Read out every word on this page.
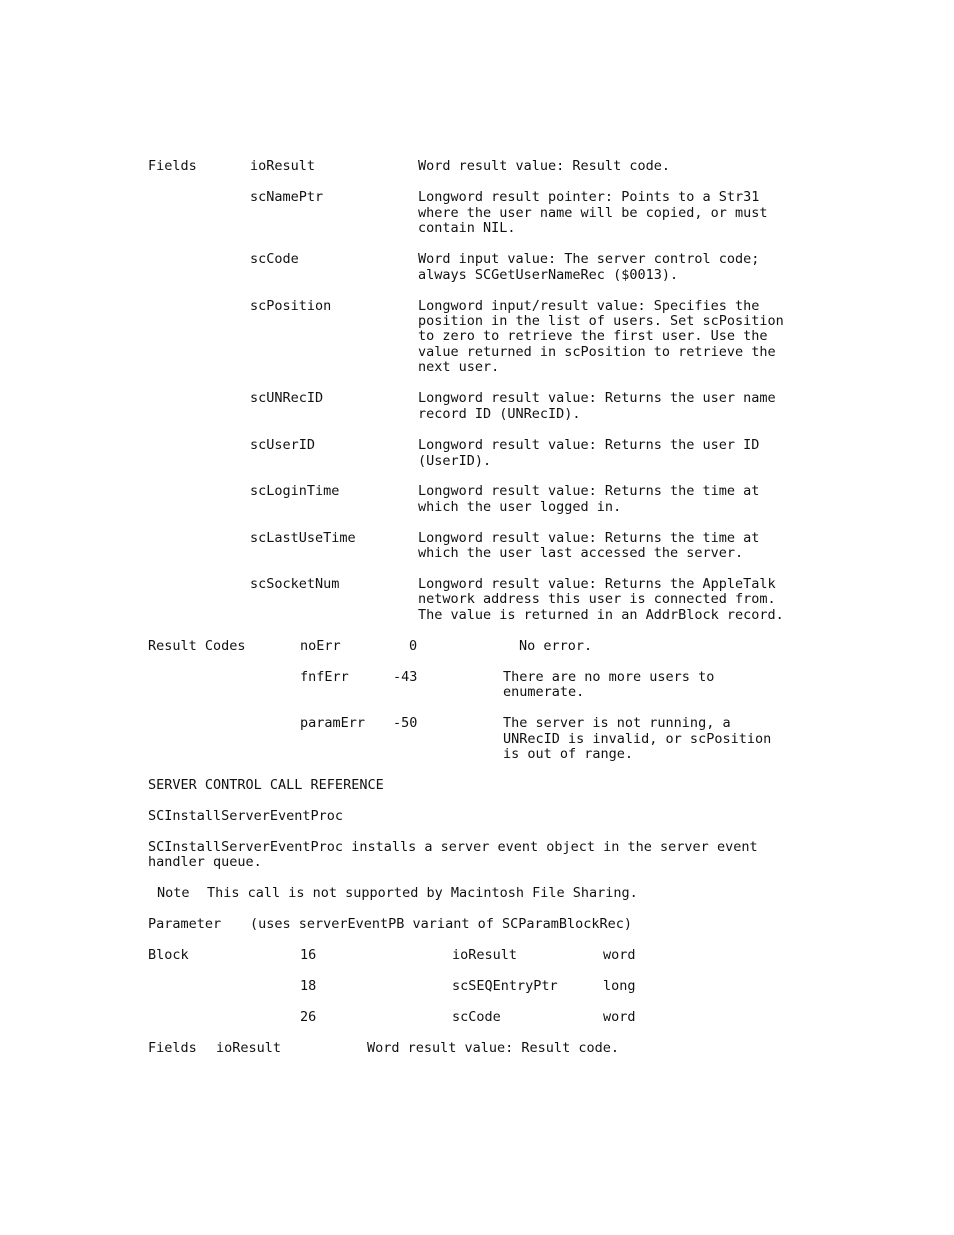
Fields	ioResult	Word result value: Result code.
scNamePtr	Longword result pointer: Points to a Str31
where the user name will be copied, or must
contain NIL.
scCode	Word input value: The server control code;
always SCGetUserNameRec ($0013).
scPosition	Longword input/result value: Specifies the
position in the list of users. Set scPosition
to zero to retrieve the first user. Use the
value returned in scPosition to retrieve the
next user.
scUNRecID	Longword result value: Returns the user name
record ID (UNRecID).
scUserID	Longword result value: Returns the user ID
(UserID).
scLoginTime	Longword result value: Returns the time at
which the user logged in.
scLastUseTime	Longword result value: Returns the time at
which the user last accessed the server.
scSocketNum	Longword result value: Returns the AppleTalk
network address this user is connected from.
The value is returned in an AddrBlock record.
Result Codes	noErr	0	No error.
fnfErr	-43	There are no more users to
enumerate.
paramErr -50	The server is not running, a
UNRecID is invalid, or scPosition
is out of range.
SERVER CONTROL CALL REFERENCE
SCInstallServerEventProc
SCInstallServerEventProc installs a server event object in the server event
handler queue.
Note This call is not supported by Macintosh File Sharing.
Parameter (uses serverEventPB variant of SCParamBlockRec)
Block	16	ioResult	word
18	scSEQEntryPtr	long
26	scCode	word
Fields ioResult	Word result value: Result code.
